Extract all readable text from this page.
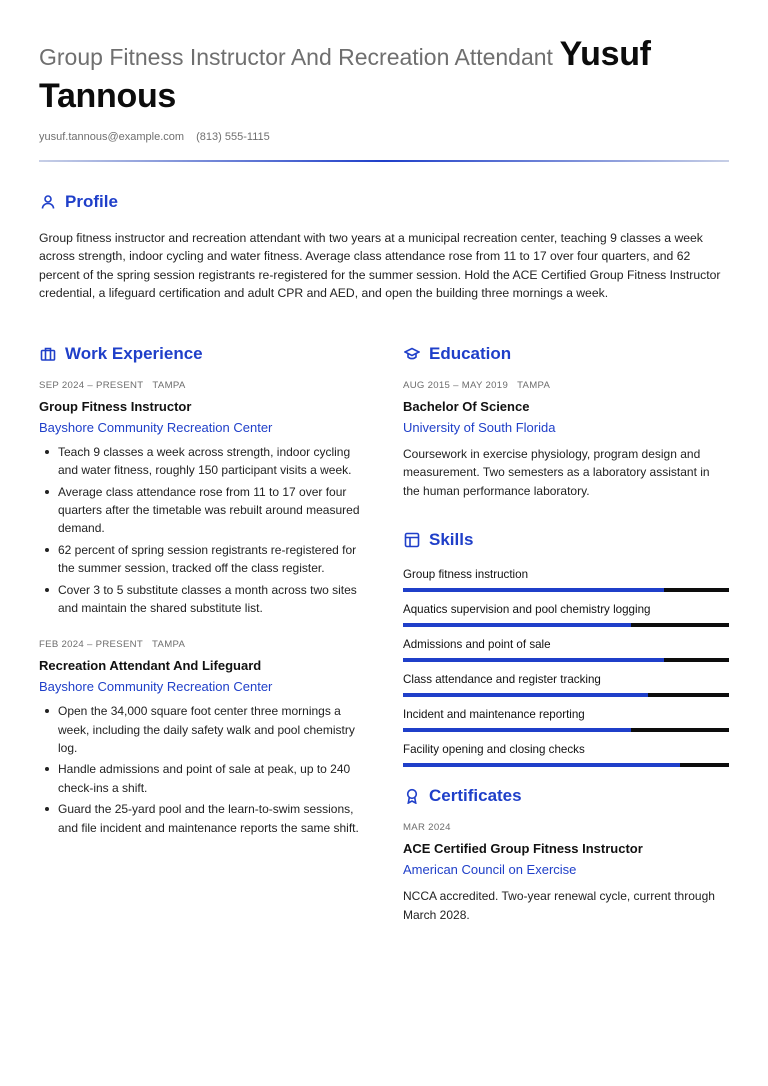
Group Fitness Instructor And Recreation Attendant Yusuf
Tannous
yusuf.tannous@example.com (813) 555-1115
Profile

Group fitness instructor and recreation attendant with two years at a municipal recreation center, teaching 9 classes a week across strength, indoor cycling and water fitness. Average class attendance rose from 11 to 17 over four quarters, and 62 percent of the spring session registrants re-registered for the summer session. Hold the ACE Certified Group Fitness Instructor credential, a lifeguard certification and adult CPR and AED, and open the building three mornings a week.

Work Experience
SEP 2024 – PRESENT TAMPA
Group Fitness Instructor
Bayshore Community Recreation Center
Teach 9 classes a week across strength, indoor cycling and water fitness, roughly 150 participant visits a week.
Average class attendance rose from 11 to 17 over four quarters after the timetable was rebuilt around measured demand.
62 percent of spring session registrants re-registered for the summer session, tracked off the class register.
Cover 3 to 5 substitute classes a month across two sites and maintain the shared substitute list.
FEB 2024 – PRESENT TAMPA
Recreation Attendant And Lifeguard
Bayshore Community Recreation Center
Open the 34,000 square foot center three mornings a week, including the daily safety walk and pool chemistry log.
Handle admissions and point of sale at peak, up to 240 check-ins a shift.
Guard the 25-yard pool and the learn-to-swim sessions, and file incident and maintenance reports the same shift.
Education
AUG 2015 – MAY 2019 TAMPA
Bachelor Of Science
University of South Florida
Coursework in exercise physiology, program design and measurement. Two semesters as a laboratory assistant in the human performance laboratory.
Skills
Group fitness instruction
Aquatics supervision and pool chemistry logging
Admissions and point of sale
Class attendance and register tracking
Incident and maintenance reporting
Facility opening and closing checks
Certificates
MAR 2024
ACE Certified Group Fitness Instructor
American Council on Exercise
NCCA accredited. Two-year renewal cycle, current through March 2028.
